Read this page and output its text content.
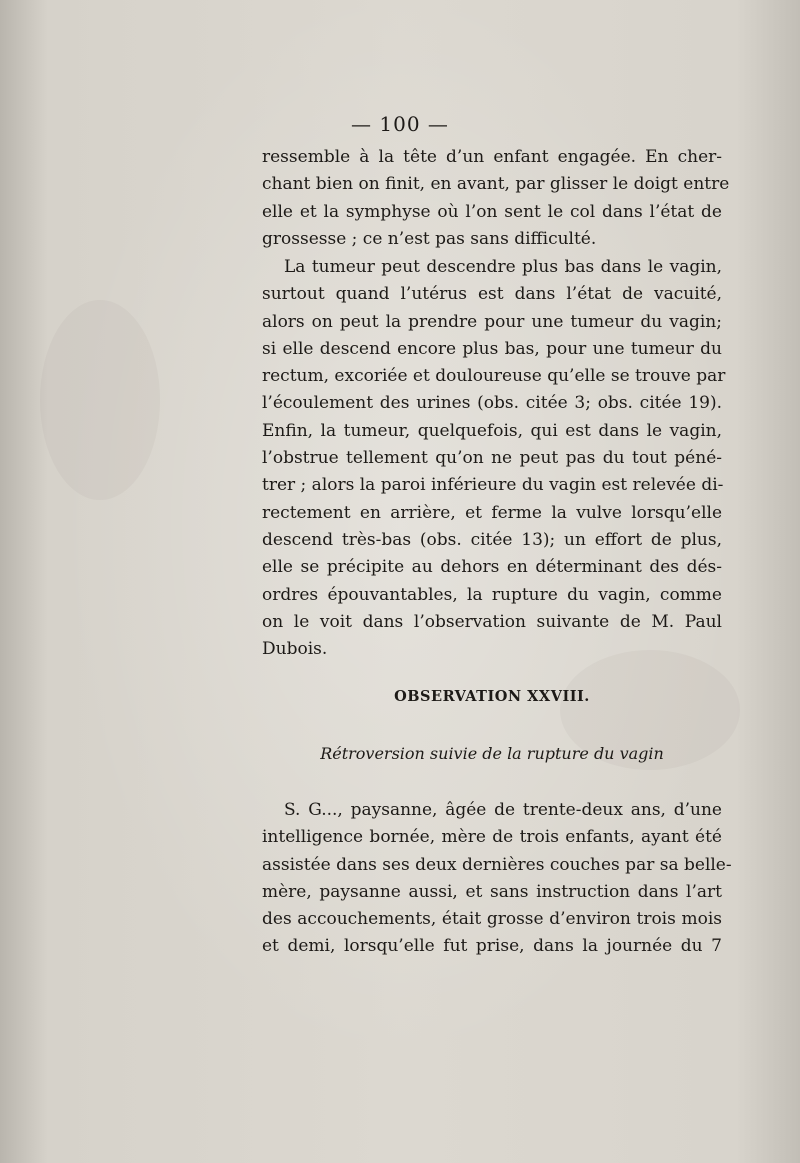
— 100 —
ressemble à la tête d’un enfant engagée. En cher-
chant bien on finit, en avant, par glisser le doigt entre
elle et la symphyse où l’on sent le col dans l’état de
grossesse ; ce n’est pas sans difficulté.
La tumeur peut descendre plus bas dans le vagin,
surtout quand l’utérus est dans l’état de vacuité,
alors on peut la prendre pour une tumeur du vagin;
si elle descend encore plus bas, pour une tumeur du
rectum, excoriée et douloureuse qu’elle se trouve par
l’écoulement des urines (obs. citée 3; obs. citée 19).
Enfin, la tumeur, quelquefois, qui est dans le vagin,
l’obstrue tellement qu’on ne peut pas du tout péné-
trer ; alors la paroi inférieure du vagin est relevée di-
rectement en arrière, et ferme la vulve lorsqu’elle
descend très-bas (obs. citée 13); un effort de plus,
elle se précipite au dehors en déterminant des dés-
ordres épouvantables, la rupture du vagin, comme
on le voit dans l’observation suivante de M. Paul
Dubois.
OBSERVATION XXVIII.
Rétroversion suivie de la rupture du vagin
S. G..., paysanne, âgée de trente-deux ans, d’une
intelligence bornée, mère de trois enfants, ayant été
assistée dans ses deux dernières couches par sa belle-
mère, paysanne aussi, et sans instruction dans l’art
des accouchements, était grosse d’environ trois mois
et demi, lorsqu’elle fut prise, dans la journée du 7
